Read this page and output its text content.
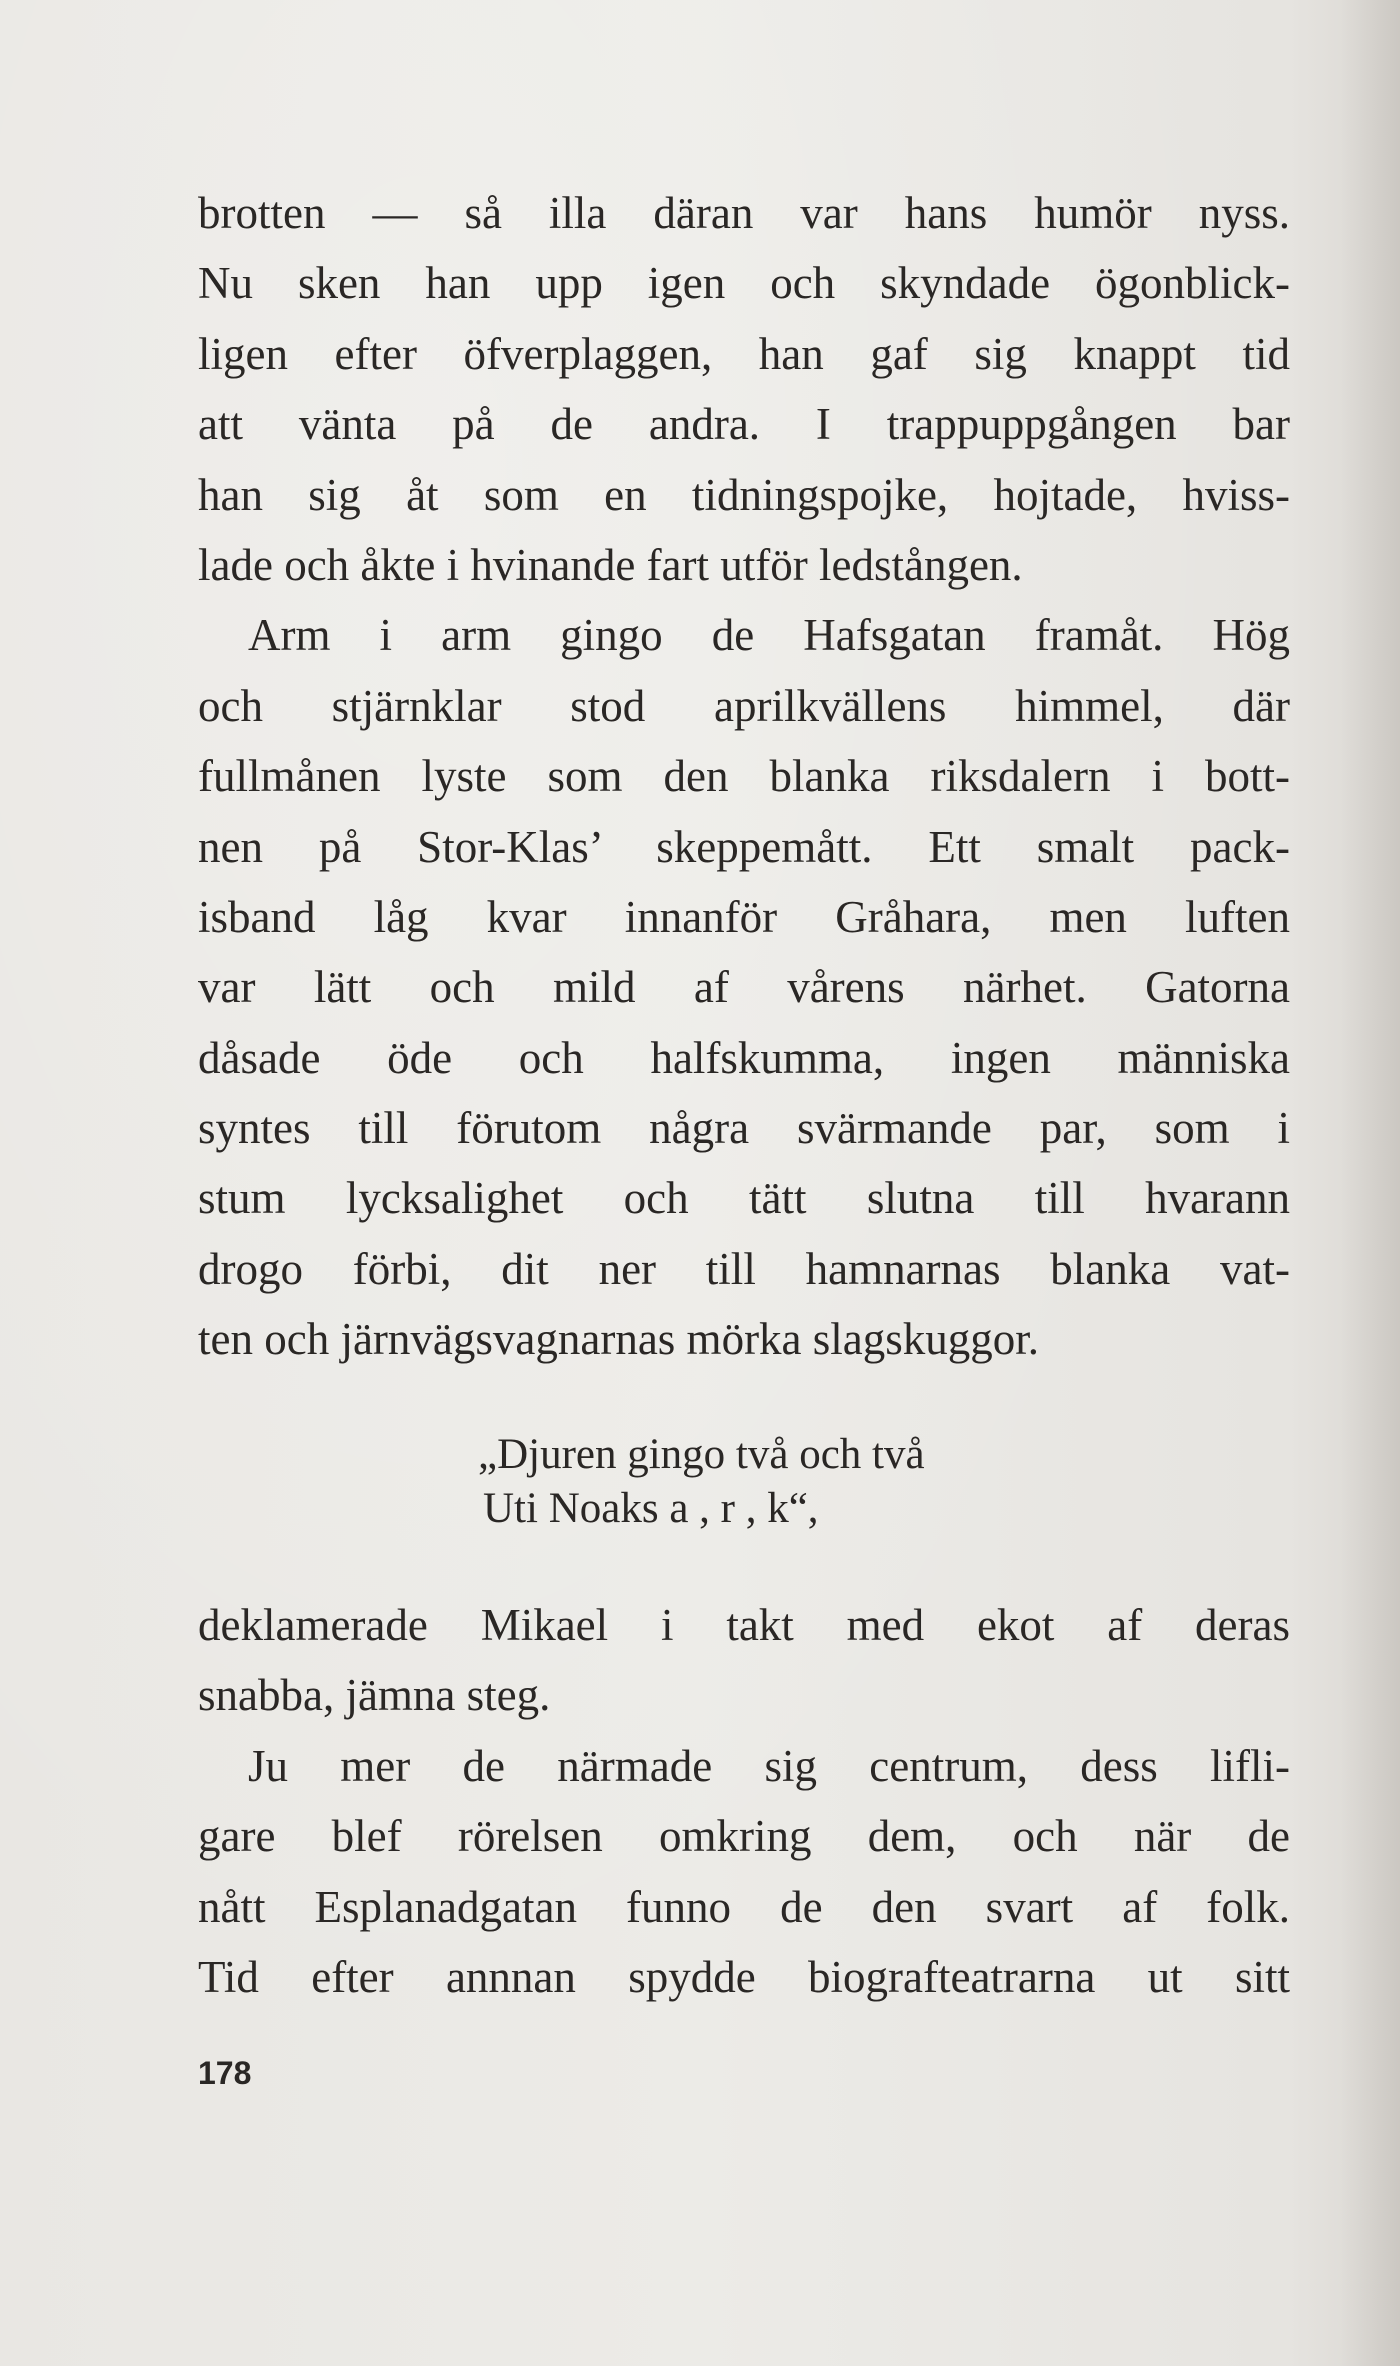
brotten — så illa däran var hans humör nyss.
Nu sken han upp igen och skyndade ögonblick-
ligen efter öfverplaggen, han gaf sig knappt tid
att vänta på de andra. I trappuppgången bar
han sig åt som en tidningspojke, hojtade, hviss-
lade och åkte i hvinande fart utför ledstången.
Arm i arm gingo de Hafsgatan framåt. Hög
och stjärnklar stod aprilkvällens himmel, där
fullmånen lyste som den blanka riksdalern i bott-
nen på Stor-Klas’ skeppemått. Ett smalt pack-
isband låg kvar innanför Gråhara, men luften
var lätt och mild af vårens närhet. Gatorna
dåsade öde och halfskumma, ingen människa
syntes till förutom några svärmande par, som i
stum lycksalighet och tätt slutna till hvarann
drogo förbi, dit ner till hamnarnas blanka vat-
ten och järnvägsvagnarnas mörka slagskuggor.
„Djuren gingo två och två
Uti Noaks a , r , k“,
deklamerade Mikael i takt med ekot af deras
snabba, jämna steg.
Ju mer de närmade sig centrum, dess lifli-
gare blef rörelsen omkring dem, och när de
nått Esplanadgatan funno de den svart af folk.
Tid efter annnan spydde biografteatrarna ut sitt
178
